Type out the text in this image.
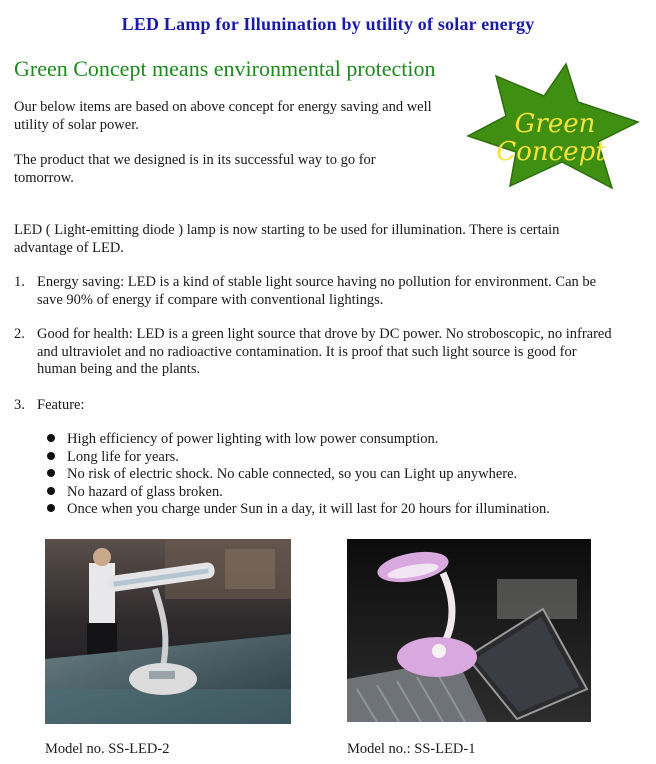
LED Lamp for Illunination by utility of solar energy
Green Concept means environmental protection
Our below items are based on above concept for energy saving and well
utility of solar power.
The product that we designed is in its successful way to go for
tomorrow.
Green
Concept
LED ( Light-emitting diode ) lamp is now starting to be used for illumination. There is certain
advantage of LED.
1. Energy saving: LED is a kind of stable light source having no pollution for environment. Can be
save 90% of energy if compare with conventional lightings.
2. Good for health: LED is a green light source that drove by DC power. No stroboscopic, no infrared
and ultraviolet and no radioactive contamination. It is proof that such light source is good for
human being and the plants.
3. Feature:
High efficiency of power lighting with low power consumption.
Long life for years.
No risk of electric shock. No cable connected, so you can Light up anywhere.
No hazard of glass broken.
Once when you charge under Sun in a day, it will last for 20 hours for illumination.
Model no. SS-LED-2	Model no.: SS-LED-1
